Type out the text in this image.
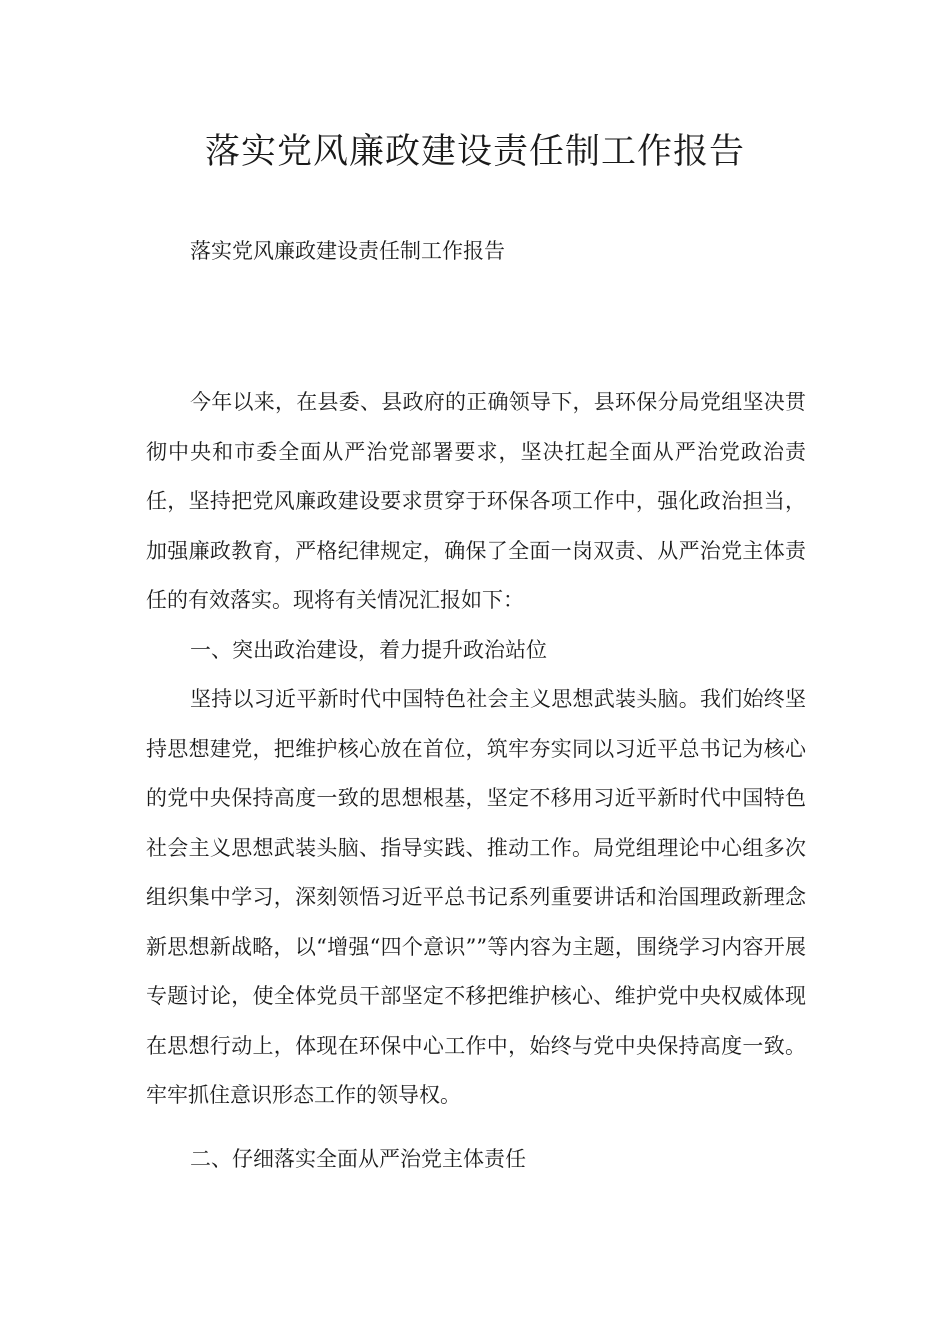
落实党风廉政建设责任制工作报告

落实党风廉政建设责任制工作报告

今年以来，在县委、县政府的正确领导下，县环保分局党组坚决贯彻中央和市委全面从严治党部署要求，坚决扛起全面从严治党政治责任，坚持把党风廉政建设要求贯穿于环保各项工作中，强化政治担当，加强廉政教育，严格纪律规定，确保了全面一岗双责、从严治党主体责任的有效落实。现将有关情况汇报如下：

一、突出政治建设，着力提升政治站位

坚持以习近平新时代中国特色社会主义思想武装头脑。我们始终坚持思想建党，把维护核心放在首位，筑牢夯实同以习近平总书记为核心的党中央保持高度一致的思想根基，坚定不移用习近平新时代中国特色社会主义思想武装头脑、指导实践、推动工作。局党组理论中心组多次组织集中学习，深刻领悟习近平总书记系列重要讲话和治国理政新理念新思想新战略，以“增强“四个意识””等内容为主题，围绕学习内容开展专题讨论，使全体党员干部坚定不移把维护核心、维护党中央权威体现在思想行动上，体现在环保中心工作中，始终与党中央保持高度一致。牢牢抓住意识形态工作的领导权。

二、仔细落实全面从严治党主体责任
